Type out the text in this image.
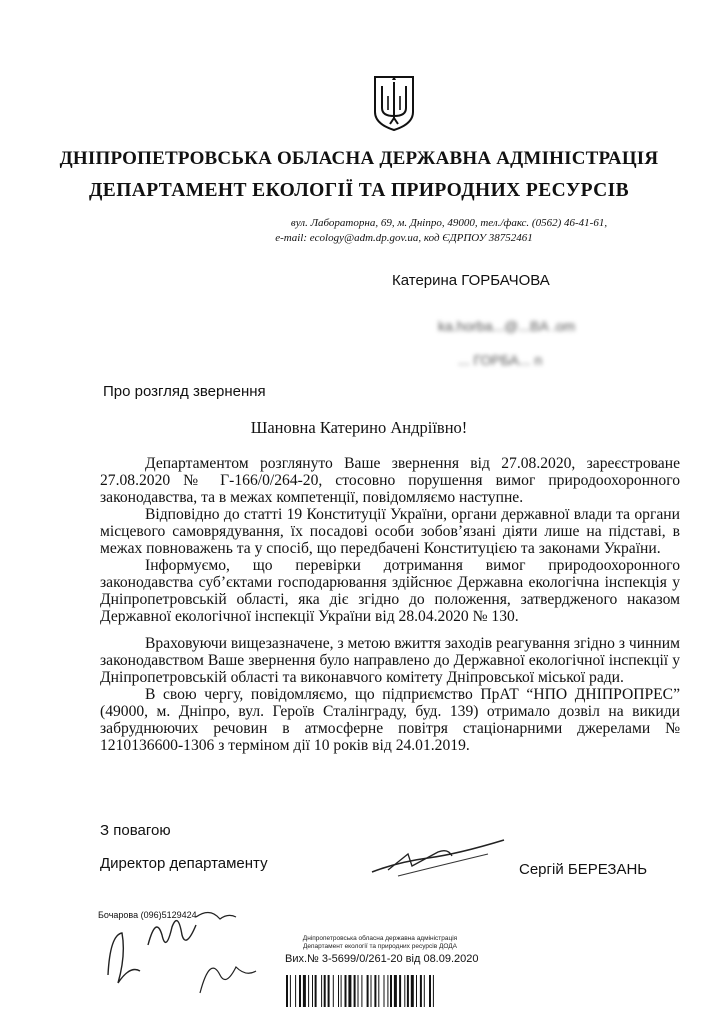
ДНІПРОПЕТРОВСЬКА ОБЛАСНА ДЕРЖАВНА АДМІНІСТРАЦІЯ
ДЕПАРТАМЕНТ ЕКОЛОГІЇ ТА ПРИРОДНИХ РЕСУРСІВ
вул. Лабораторна, 69, м. Дніпро, 49000, тел./факс. (0562) 46-41-61,
e-mail: ecology@adm.dp.gov.ua, код ЄДРПОУ 38752461
Катерина ГОРБАЧОВА
ka.horba...@...BA .om
... ГОРБА... n
Про розгляд звернення
Шановна Катерино Андріївно!

Департаментом розглянуто Ваше звернення від 27.08.2020, зареєстроване 27.08.2020 № Г-166/0/264-20, стосовно порушення вимог природоохоронного законодавства, та в межах компетенції, повідомляємо наступне.

Відповідно до статті 19 Конституції України, органи державної влади та органи місцевого самоврядування, їх посадові особи зобов’язані діяти лише на підставі, в межах повноважень та у спосіб, що передбачені Конституцією та законами України.

Інформуємо, що перевірки дотримання вимог природоохоронного законодавства суб’єктами господарювання здійснює Державна екологічна інспекція у Дніпропетровській області, яка діє згідно до положення, затвердженого наказом Державної екологічної інспекції України від 28.04.2020 № 130.

Враховуючи вищезазначене, з метою вжиття заходів реагування згідно з чинним законодавством Ваше звернення було направлено до Державної екологічної інспекції у Дніпропетровській області та виконавчого комітету Дніпровської міської ради.

В свою чергу, повідомляємо, що підприємство ПрАТ “НПО ДНІПРОПРЕС” (49000, м. Дніпро, вул. Героїв Сталінграду, буд. 139) отримало дозвіл на викиди забруднюючих речовин в атмосферне повітря стаціонарними джерелами № 1210136600-1306 з терміном дії 10 років від 24.01.2019.

З повагою
Директор департаменту	Сергій БЕРЕЗАНЬ
Бочарова (096)5129424
Дніпропетровська обласна державна адміністрація
Департамент екології та природних ресурсів ДОДА
Вих.№ 3-5699/0/261-20 від 08.09.2020
